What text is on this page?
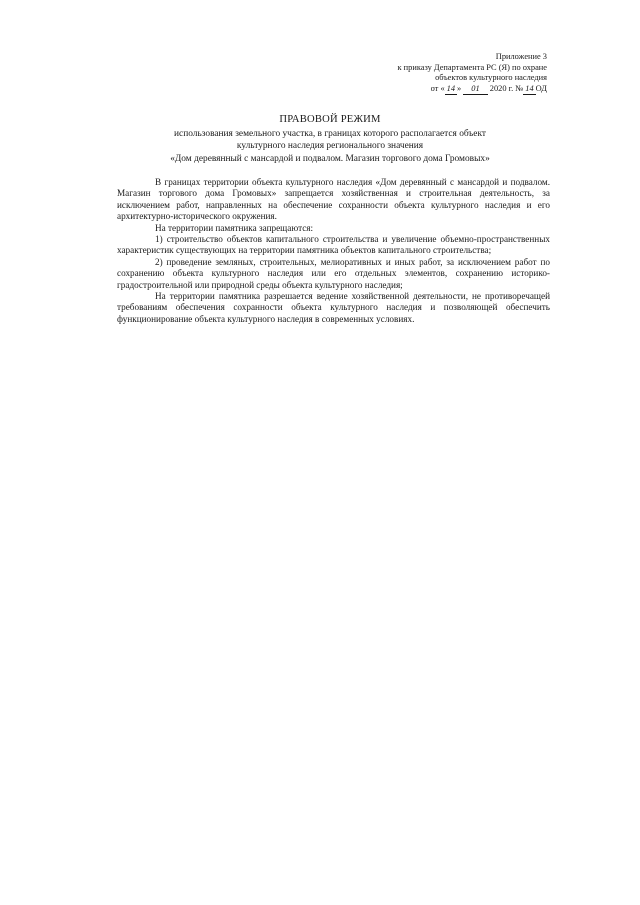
Приложение 3
к приказу Департамента РС (Я) по охране
объектов культурного наследия
от « 14 » 01 2020 г. № 14 ОД
ПРАВОВОЙ РЕЖИМ
использования земельного участка, в границах которого располагается объект
культурного наследия регионального значения
«Дом деревянный с мансардой и подвалом. Магазин торгового дома Громовых»

В границах территории объекта культурного наследия «Дом деревянный с мансардой и подвалом. Магазин торгового дома Громовых» запрещается хозяйственная и строительная деятельность, за исключением работ, направленных на обеспечение сохранности объекта культурного наследия и его архитектурно-исторического окружения.

На территории памятника запрещаются:

1) строительство объектов капитального строительства и увеличение объемно-пространственных характеристик существующих на территории памятника объектов капитального строительства;

2) проведение земляных, строительных, мелиоративных и иных работ, за исключением работ по сохранению объекта культурного наследия или его отдельных элементов, сохранению историко-градостроительной или природной среды объекта культурного наследия;

На территории памятника разрешается ведение хозяйственной деятельности, не противоречащей требованиям обеспечения сохранности объекта культурного наследия и позволяющей обеспечить функционирование объекта культурного наследия в современных условиях.
